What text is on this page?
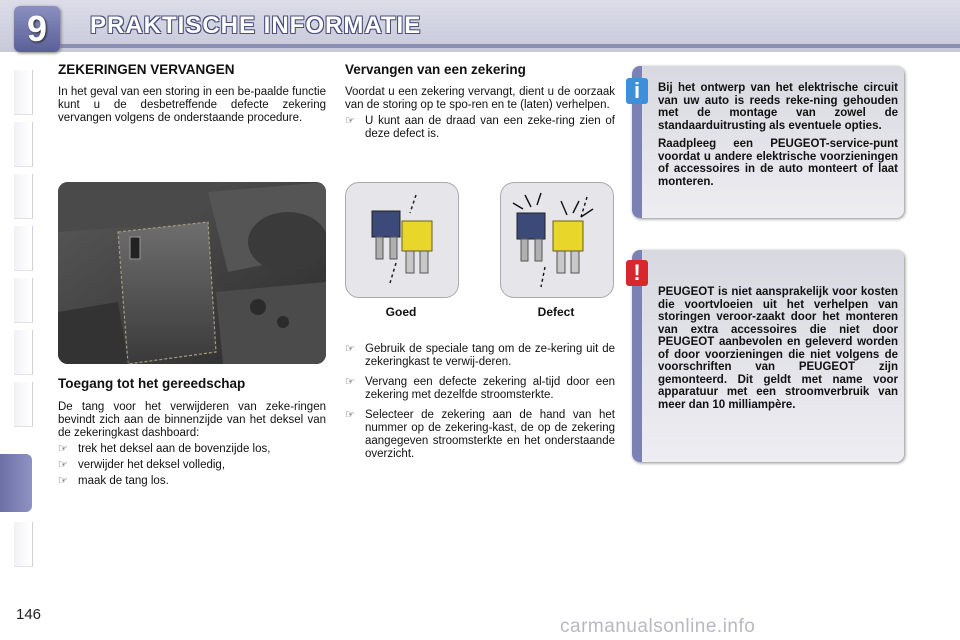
9	PRAKTISCHE INFORMATIE
ZEKERINGEN VERVANGEN

In het geval van een storing in een be-paalde functie kunt u de desbetreffende defecte zekering vervangen volgens de onderstaande procedure.

Toegang tot het gereedschap

De tang voor het verwijderen van zeke-ringen bevindt zich aan de binnenzijde van het deksel van de zekeringkast dashboard:

☞ trek het deksel aan de bovenzijde los,
☞ verwijder het deksel volledig,
☞ maak de tang los.
Vervangen van een zekering

Voordat u een zekering vervangt, dient u de oorzaak van de storing op te spo-ren en te (laten) verhelpen.

☞ U kunt aan de draad van een zeke-ring zien of deze defect is.
Goed	Defect
☞ Gebruik de speciale tang om de ze-kering uit de zekeringkast te verwij-deren.
☞ Vervang een defecte zekering al-tijd door een zekering met dezelfde stroomsterkte.
☞ Selecteer de zekering aan de hand van het nummer op de zekering-kast, de op de zekering aangegeven stroomsterkte en het onderstaande overzicht.
i	Bij het ontwerp van het elektrische circuit van uw auto is reeds reke-ning gehouden met de montage van zowel de standaarduitrusting als eventuele opties.

Raadpleeg een PEUGEOT-service-punt voordat u andere elektrische voorzieningen of accessoires in de auto monteert of laat monteren.

!

PEUGEOT is niet aansprakelijk voor kosten die voortvloeien uit het verhelpen van storingen veroor-zaakt door het monteren van extra accessoires die niet door PEUGEOT aanbevolen en geleverd worden of door voorzieningen die niet volgens de voorschriften van PEUGEOT zijn gemonteerd. Dit geldt met name voor apparatuur met een stroomverbruik van meer dan 10 milliampère.

146
carmanualsonline.info
